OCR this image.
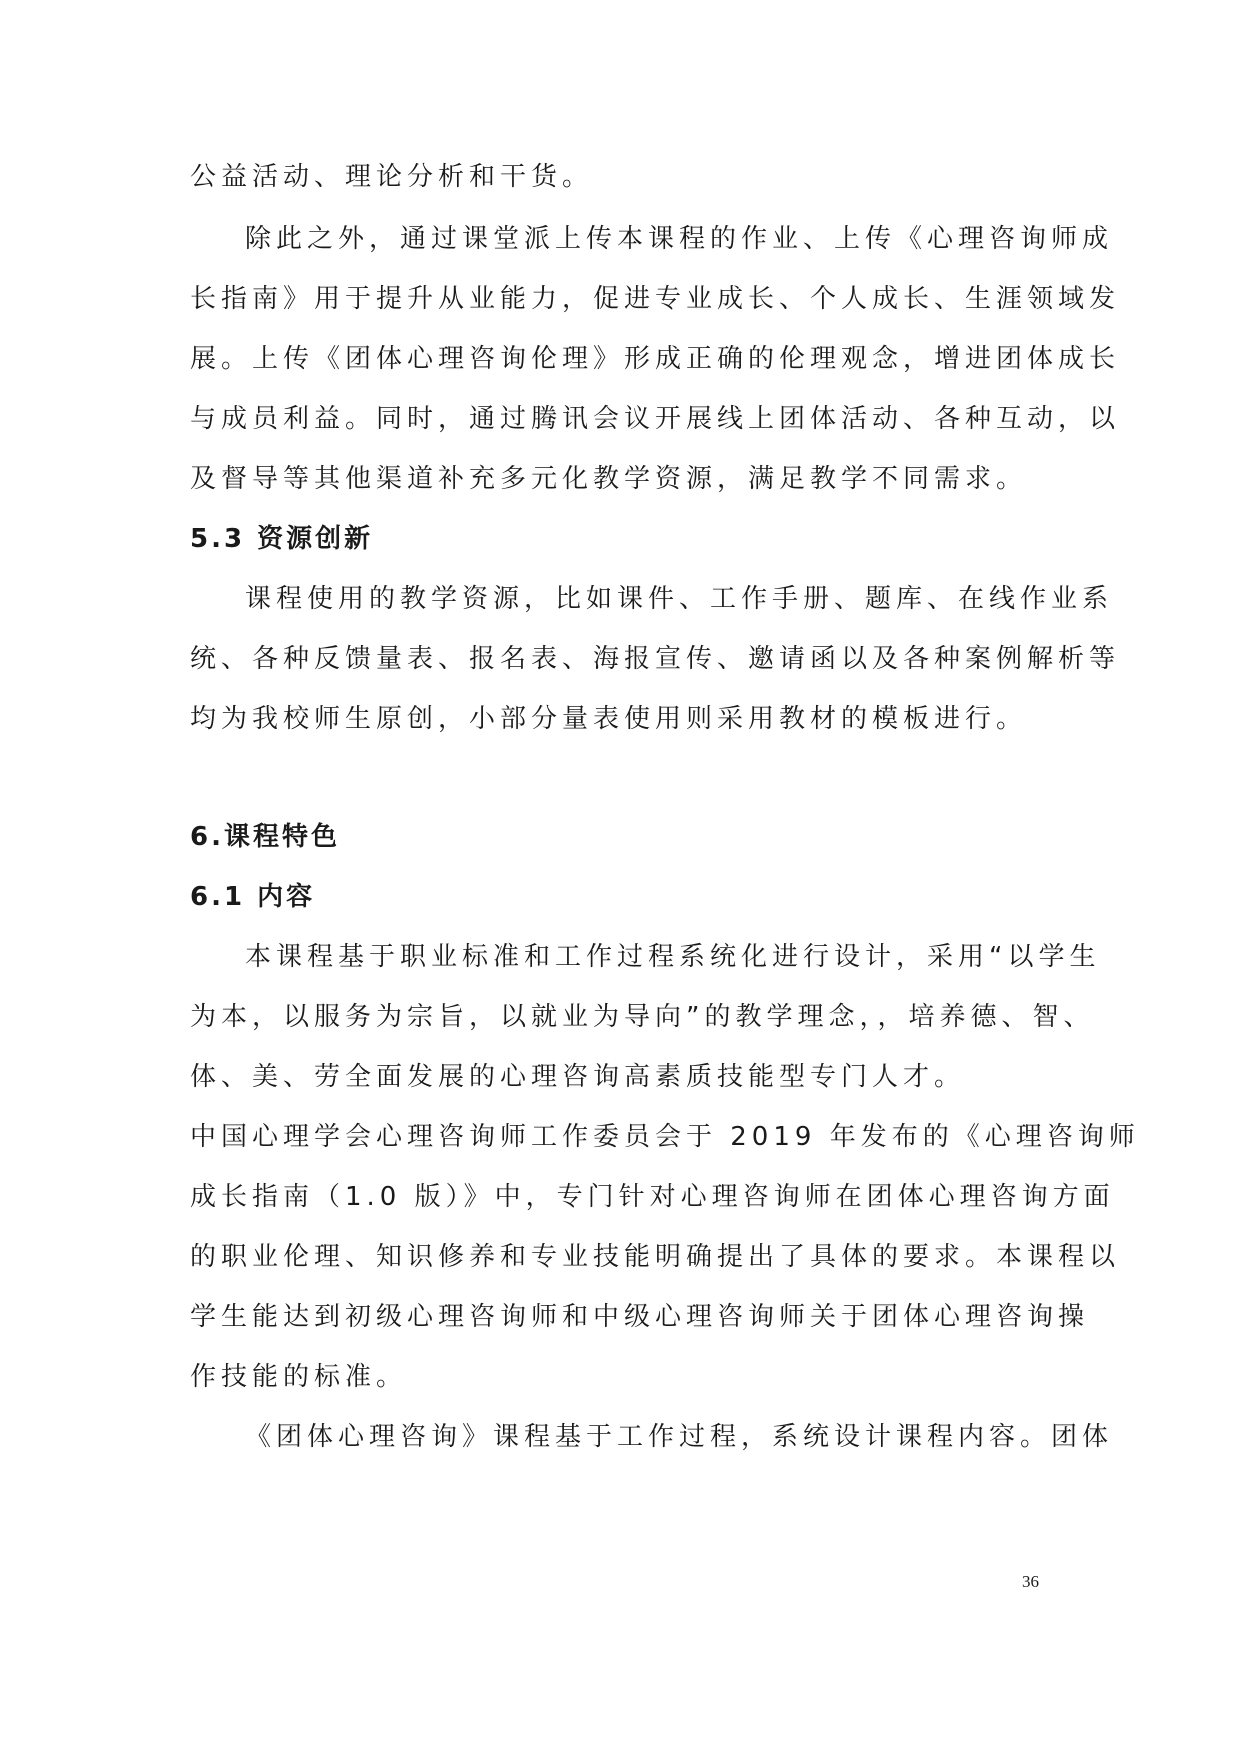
公益活动、理论分析和干货。
除此之外，通过课堂派上传本课程的作业、上传《心理咨询师成
长指南》用于提升从业能力，促进专业成长、个人成长、生涯领域发
展。上传《团体心理咨询伦理》形成正确的伦理观念，增进团体成长
与成员利益。同时，通过腾讯会议开展线上团体活动、各种互动，以
及督导等其他渠道补充多元化教学资源，满足教学不同需求。
5.3 资源创新
课程使用的教学资源，比如课件、工作手册、题库、在线作业系
统、各种反馈量表、报名表、海报宣传、邀请函以及各种案例解析等
均为我校师生原创，小部分量表使用则采用教材的模板进行。
6.课程特色
6.1 内容
本课程基于职业标准和工作过程系统化进行设计，采用“以学生
为本，以服务为宗旨，以就业为导向”的教学理念，，培养德、智、
体、美、劳全面发展的心理咨询高素质技能型专门人才。
中国心理学会心理咨询师工作委员会于 2019 年发布的《心理咨询师
成长指南（1.0 版）》中，专门针对心理咨询师在团体心理咨询方面
的职业伦理、知识修养和专业技能明确提出了具体的要求。本课程以
学生能达到初级心理咨询师和中级心理咨询师关于团体心理咨询操
作技能的标准。
《团体心理咨询》课程基于工作过程，系统设计课程内容。团体
36
